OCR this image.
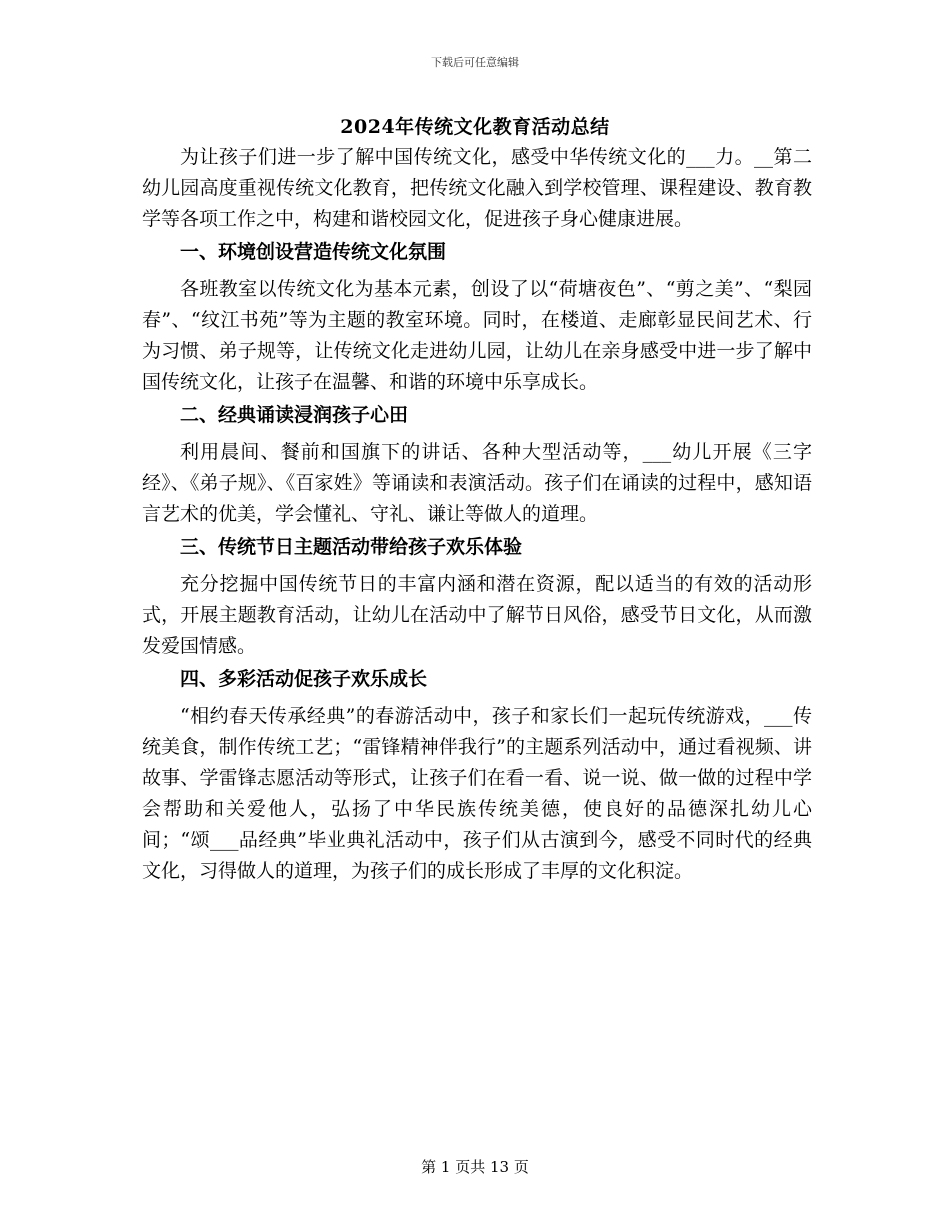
下载后可任意编辑
2024年传统文化教育活动总结

为让孩子们进一步了解中国传统文化，感受中华传统文化的___力。__第二幼儿园高度重视传统文化教育，把传统文化融入到学校管理、课程建设、教育教学等各项工作之中，构建和谐校园文化，促进孩子身心健康进展。

一、环境创设营造传统文化氛围

各班教室以传统文化为基本元素，创设了以“荷塘夜色”、“剪之美”、“梨园春”、“纹江书苑”等为主题的教室环境。同时，在楼道、走廊彰显民间艺术、行为习惯、弟子规等，让传统文化走进幼儿园，让幼儿在亲身感受中进一步了解中国传统文化，让孩子在温馨、和谐的环境中乐享成长。

二、经典诵读浸润孩子心田

利用晨间、餐前和国旗下的讲话、各种大型活动等，___幼儿开展《三字经》、《弟子规》、《百家姓》等诵读和表演活动。孩子们在诵读的过程中，感知语言艺术的优美，学会懂礼、守礼、谦让等做人的道理。

三、传统节日主题活动带给孩子欢乐体验

充分挖掘中国传统节日的丰富内涵和潜在资源，配以适当的有效的活动形式，开展主题教育活动，让幼儿在活动中了解节日风俗，感受节日文化，从而激发爱国情感。

四、多彩活动促孩子欢乐成长

“相约春天传承经典”的春游活动中，孩子和家长们一起玩传统游戏，___传统美食，制作传统工艺；“雷锋精神伴我行”的主题系列活动中，通过看视频、讲故事、学雷锋志愿活动等形式，让孩子们在看一看、说一说、做一做的过程中学会帮助和关爱他人，弘扬了中华民族传统美德，使良好的品德深扎幼儿心间；“颂___品经典”毕业典礼活动中，孩子们从古演到今，感受不同时代的经典文化，习得做人的道理，为孩子们的成长形成了丰厚的文化积淀。

第 1 页共 13 页
